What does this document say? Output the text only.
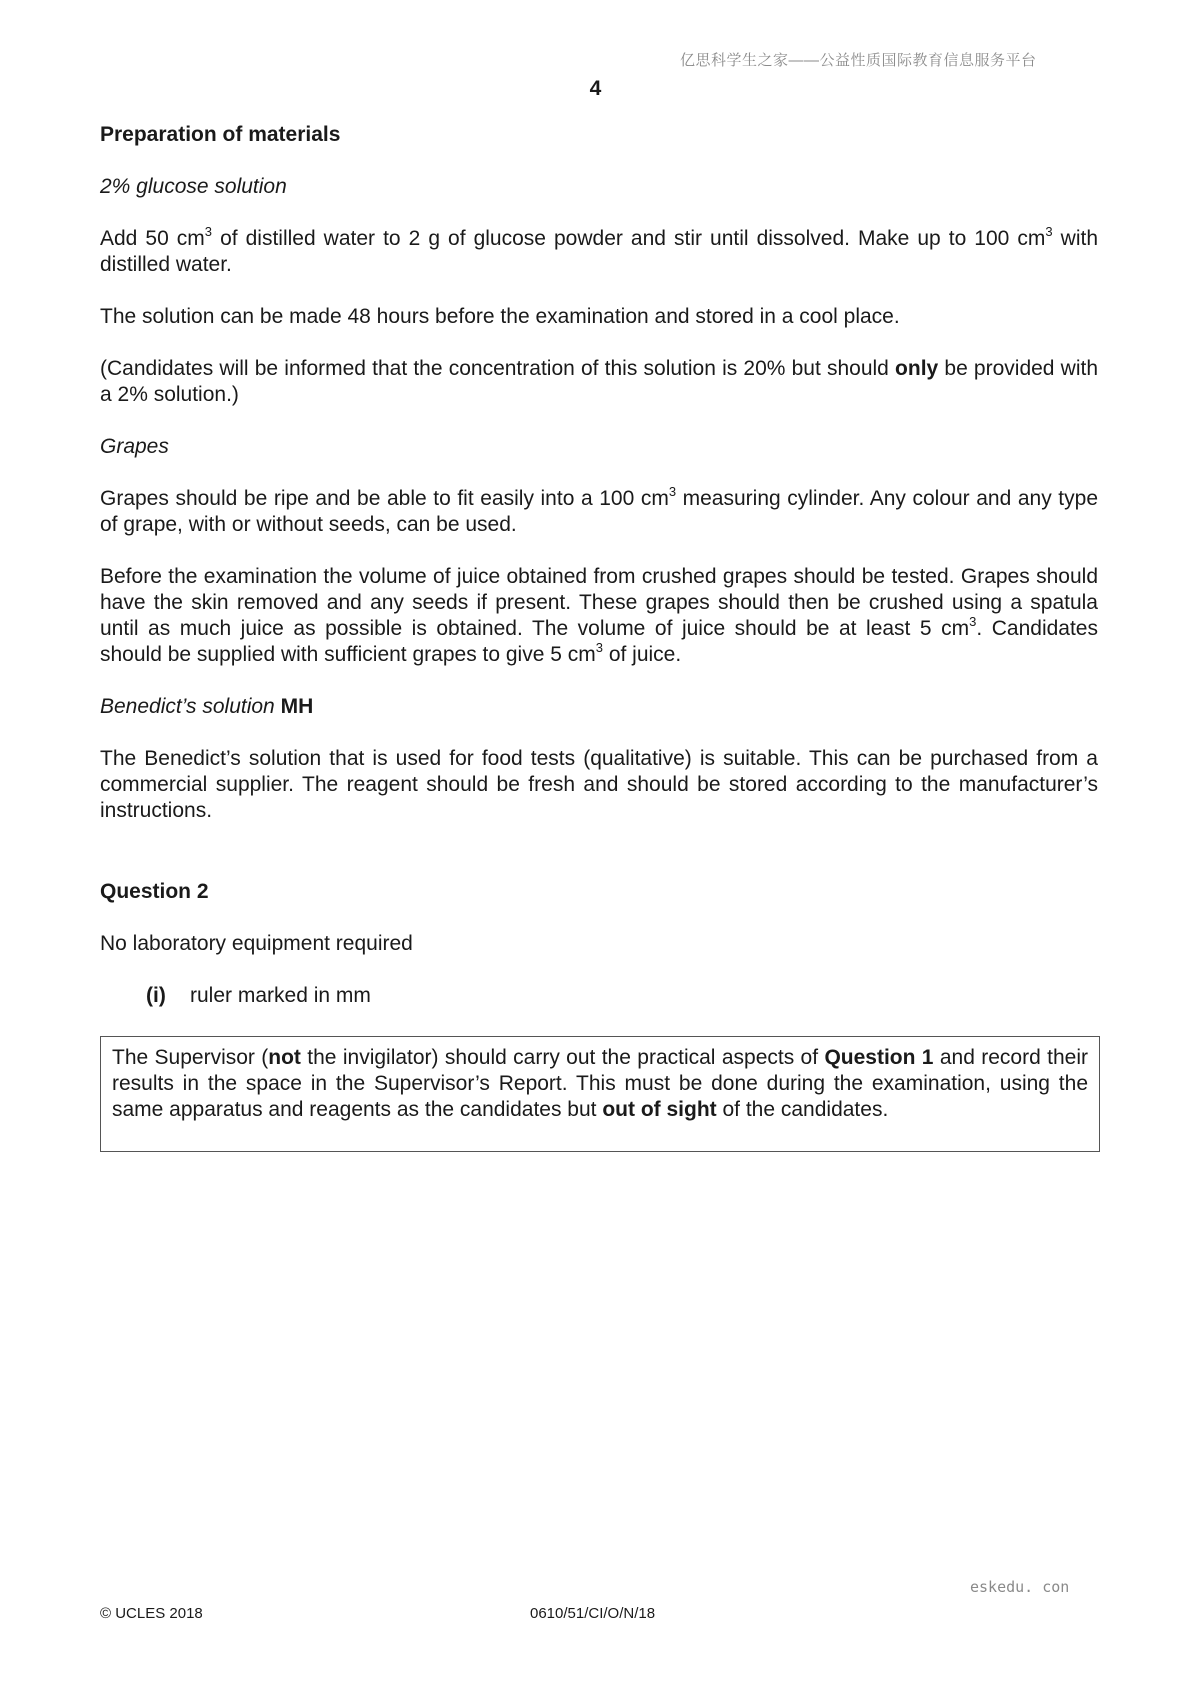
亿思科学生之家——公益性质国际教育信息服务平台
4

Preparation of materials

2% glucose solution

Add 50 $cm^3$ of distilled water to 2 g of glucose powder and stir until dissolved. Make up to 100 $cm^3$ with distilled water.

The solution can be made 48 hours before the examination and stored in a cool place.

(Candidates will be informed that the concentration of this solution is 20% but should only be provided with a 2% solution.)

Grapes

Grapes should be ripe and be able to fit easily into a 100 $cm^3$ measuring cylinder. Any colour and any type of grape, with or without seeds, can be used.

Before the examination the volume of juice obtained from crushed grapes should be tested. Grapes should have the skin removed and any seeds if present. These grapes should then be crushed using a spatula until as much juice as possible is obtained. The volume of juice should be at least 5 $cm^3$. Candidates should be supplied with sufficient grapes to give 5 $cm^3$ of juice.

Benedict’s solution MH

The Benedict’s solution that is used for food tests (qualitative) is suitable. This can be purchased from a commercial supplier. The reagent should be fresh and should be stored according to the manufacturer’s instructions.

Question 2

No laboratory equipment required

(i) ruler marked in mm
The Supervisor (not the invigilator) should carry out the practical aspects of Question 1 and record their results in the space in the Supervisor’s Report. This must be done during the examination, using the same apparatus and reagents as the candidates but out of sight of the candidates.
eskedu. con
© UCLES 2018	0610/51/CI/O/N/18
